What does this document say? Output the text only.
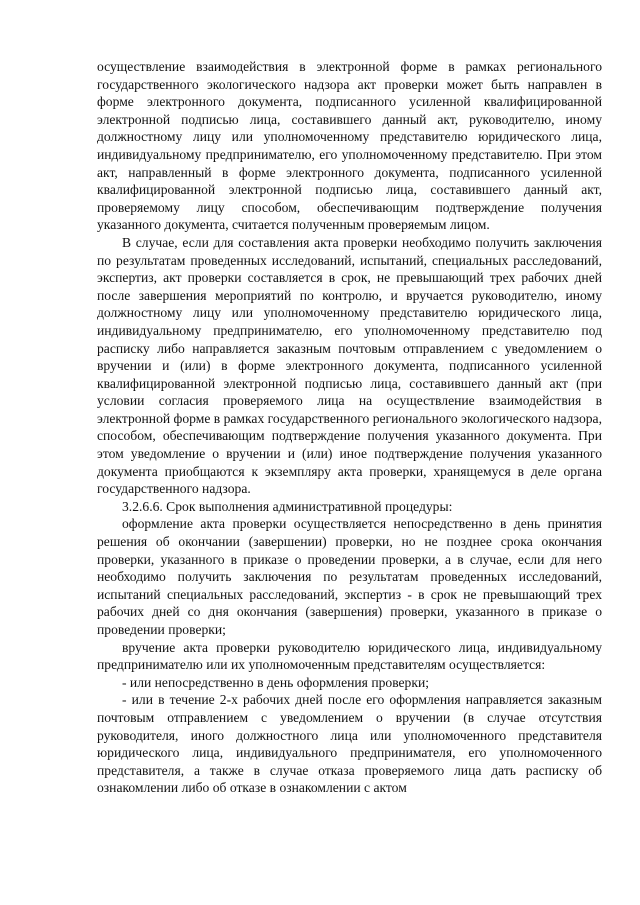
осуществление взаимодействия в электронной форме в рамках регионального государственного экологического надзора акт проверки может быть направлен в форме электронного документа, подписанного усиленной квалифицированной электронной подписью лица, составившего данный акт, руководителю, иному должностному лицу или уполномоченному представителю юридического лица, индивидуальному предпринимателю, его уполномоченному представителю. При этом акт, направленный в форме электронного документа, подписанного усиленной квалифицированной электронной подписью лица, составившего данный акт, проверяемому лицу способом, обеспечивающим подтверждение получения указанного документа, считается полученным проверяемым лицом.

В случае, если для составления акта проверки необходимо получить заключения по результатам проведенных исследований, испытаний, специальных расследований, экспертиз, акт проверки составляется в срок, не превышающий трех рабочих дней после завершения мероприятий по контролю, и вручается руководителю, иному должностному лицу или уполномоченному представителю юридического лица, индивидуальному предпринимателю, его уполномоченному представителю под расписку либо направляется заказным почтовым отправлением с уведомлением о вручении и (или) в форме электронного документа, подписанного усиленной квалифицированной электронной подписью лица, составившего данный акт (при условии согласия проверяемого лица на осуществление взаимодействия в электронной форме в рамках государственного регионального экологического надзора, способом, обеспечивающим подтверждение получения указанного документа. При этом уведомление о вручении и (или) иное подтверждение получения указанного документа приобщаются к экземпляру акта проверки, хранящемуся в деле органа государственного надзора.

3.2.6.6. Срок выполнения административной процедуры:

оформление акта проверки осуществляется непосредственно в день принятия решения об окончании (завершении) проверки, но не позднее срока окончания проверки, указанного в приказе о проведении проверки, а в случае, если для него необходимо получить заключения по результатам проведенных исследований, испытаний специальных расследований, экспертиз - в срок не превышающий трех рабочих дней со дня окончания (завершения) проверки, указанного в приказе о проведении проверки;

вручение акта проверки руководителю юридического лица, индивидуальному предпринимателю или их уполномоченным представителям осуществляется:

- или непосредственно в день оформления проверки;

- или в течение 2-х рабочих дней после его оформления направляется заказным почтовым отправлением с уведомлением о вручении (в случае отсутствия руководителя, иного должностного лица или уполномоченного представителя юридического лица, индивидуального предпринимателя, его уполномоченного представителя, а также в случае отказа проверяемого лица дать расписку об ознакомлении либо об отказе в ознакомлении с актом
